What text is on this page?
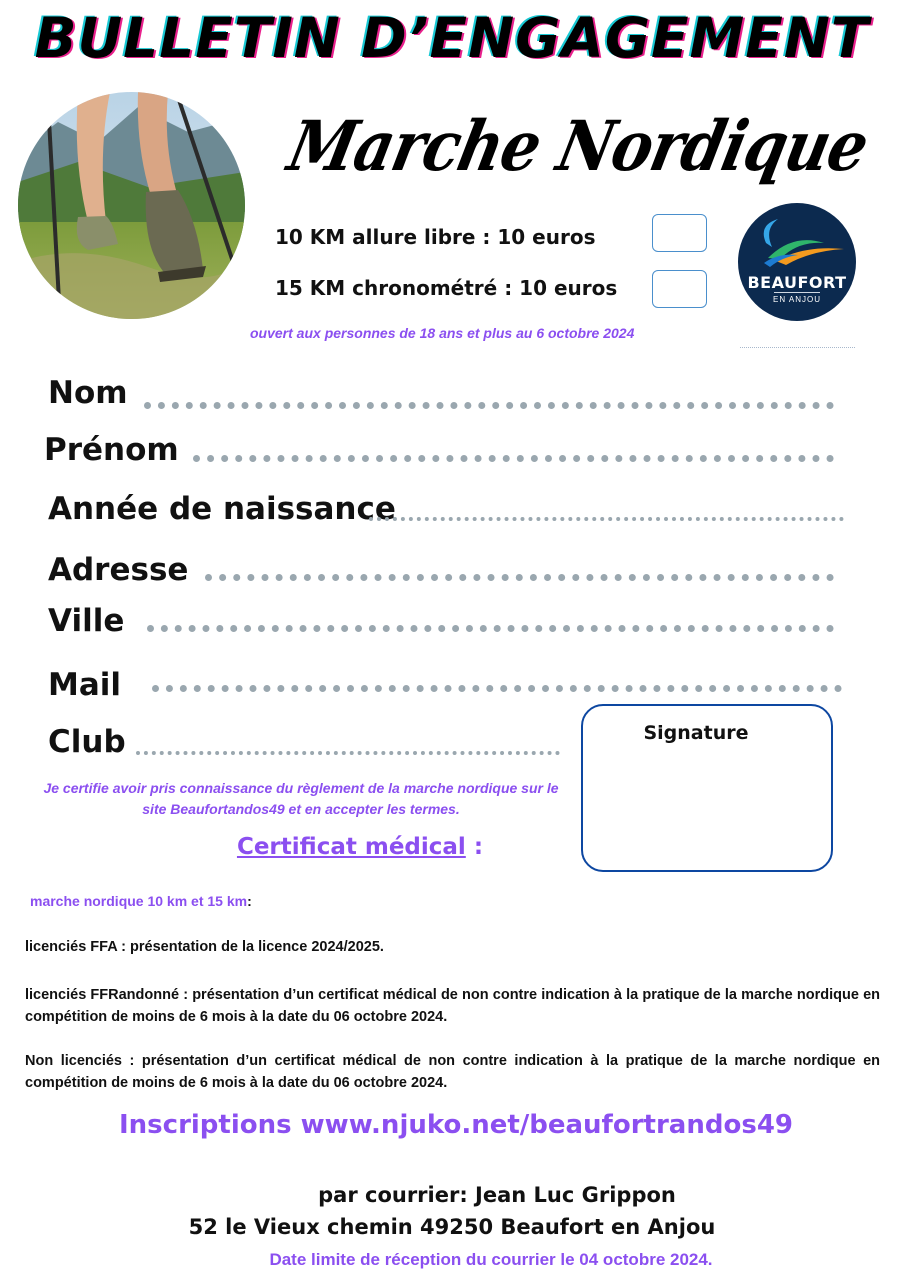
BULLETIN D’ENGAGEMENT
Marche Nordique
10 KM allure libre : 10 euros
15 KM chronométré : 10 euros	BEAUFORT
EN ANJOU
ouvert aux personnes de 18 ans et plus au 6 octobre 2024
Nom
Prénom
Année de naissance
Adresse
Ville
Mail
Club	Signature
Je certifie avoir pris connaissance du règlement de la marche nordique sur le site Beaufortandos49 et en accepter les termes.
Certificat médical :
marche nordique 10 km et 15 km:
licenciés FFA : présentation de la licence 2024/2025.
licenciés FFRandonné : présentation d’un certificat médical de non contre indication à la pratique de la marche nordique en compétition de moins de 6 mois à la date du 06 octobre 2024.
Non licenciés : présentation d’un certificat médical de non contre indication à la pratique de la marche nordique en compétition de moins de 6 mois à la date du 06 octobre 2024.
Inscriptions www.njuko.net/beaufortrandos49
par courrier: Jean Luc Grippon
52 le Vieux chemin 49250 Beaufort en Anjou
Date limite de réception du courrier le 04 octobre 2024.
